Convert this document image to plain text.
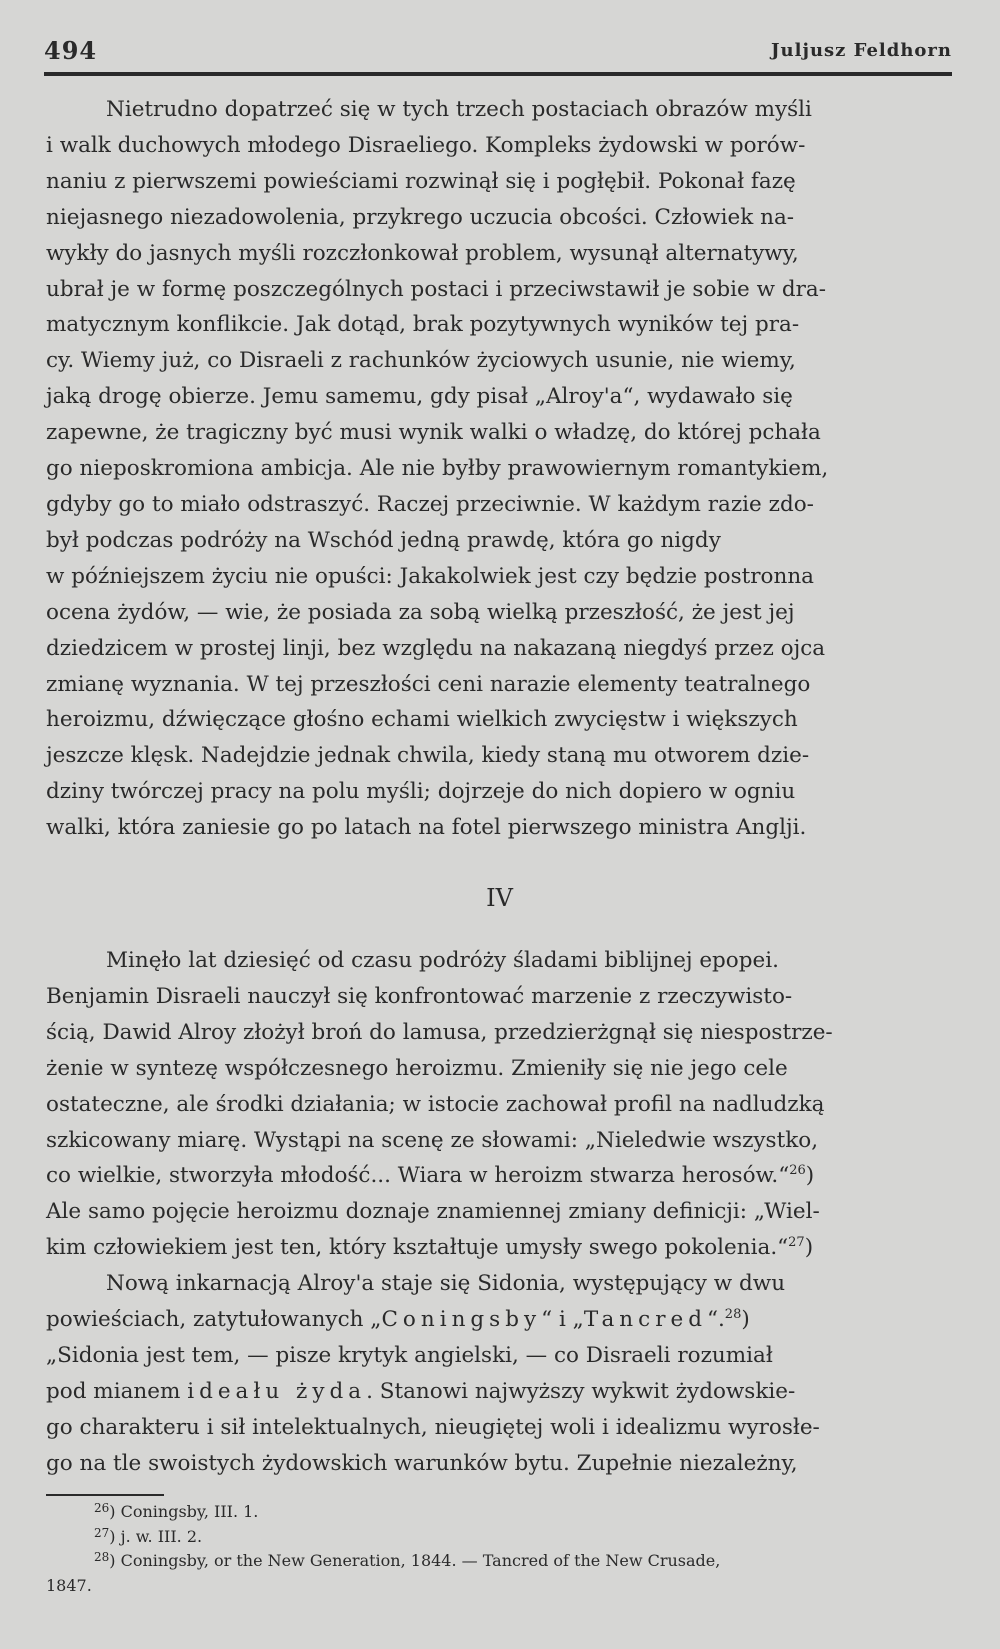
494	Juljusz Feldhorn

Nietrudno dopatrzeć się w tych trzech postaciach obrazów myśli

i walk duchowych młodego Disraeliego. Kompleks żydowski w porów-

naniu z pierwszemi powieściami rozwinął się i pogłębił. Pokonał fazę

niejasnego niezadowolenia, przykrego uczucia obcości. Człowiek na-

wykły do jasnych myśli rozczłonkował problem, wysunął alternatywy,

ubrał je w formę poszczególnych postaci i przeciwstawił je sobie w dra-

matycznym konflikcie. Jak dotąd, brak pozytywnych wyników tej pra-

cy. Wiemy już, co Disraeli z rachunków życiowych usunie, nie wiemy,

jaką drogę obierze. Jemu samemu, gdy pisał „Alroy'a“, wydawało się

zapewne, że tragiczny być musi wynik walki o władzę, do której pchała

go nieposkromiona ambicja. Ale nie byłby prawowiernym romantykiem,

gdyby go to miało odstraszyć. Raczej przeciwnie. W każdym razie zdo-

był podczas podróży na Wschód jedną prawdę, która go nigdy

w późniejszem życiu nie opuści: Jakakolwiek jest czy będzie postronna

ocena żydów, — wie, że posiada za sobą wielką przeszłość, że jest jej

dziedzicem w prostej linji, bez względu na nakazaną niegdyś przez ojca

zmianę wyznania. W tej przeszłości ceni narazie elementy teatralnego

heroizmu, dźwięczące głośno echami wielkich zwycięstw i większych

jeszcze klęsk. Nadejdzie jednak chwila, kiedy staną mu otworem dzie-

dziny twórczej pracy na polu myśli; dojrzeje do nich dopiero w ogniu

walki, która zaniesie go po latach na fotel pierwszego ministra Anglji.

IV

Minęło lat dziesięć od czasu podróży śladami biblijnej epopei.

Benjamin Disraeli nauczył się konfrontować marzenie z rzeczywisto-

ścią, Dawid Alroy złożył broń do lamusa, przedzierżgnął się niespostrze-

żenie w syntezę współczesnego heroizmu. Zmieniły się nie jego cele

ostateczne, ale środki działania; w istocie zachował profil na nadludzką

szkicowany miarę. Wystąpi na scenę ze słowami: „Nieledwie wszystko,

co wielkie, stworzyła młodość... Wiara w heroizm stwarza herosów.“$^{26}$)

Ale samo pojęcie heroizmu doznaje znamiennej zmiany definicji: „Wiel-

kim człowiekiem jest ten, który kształtuje umysły swego pokolenia.“$^{27}$)

Nową inkarnacją Alroy'a staje się Sidonia, występujący w dwu

powieściach, zatytułowanych „Coningsby“ i „Tancred“.$^{28}$)

„Sidonia jest tem, — pisze krytyk angielski, — co Disraeli rozumiał

pod mianem ideału żyda. Stanowi najwyższy wykwit żydowskie-

go charakteru i sił intelektualnych, nieugiętej woli i idealizmu wyrosłe-

go na tle swoistych żydowskich warunków bytu. Zupełnie niezależny,

$^{26}$) Coningsby, III. 1.

$^{27}$) j. w. III. 2.

$^{28}$) Coningsby, or the New Generation, 1844. — Tancred of the New Crusade,

1847.
